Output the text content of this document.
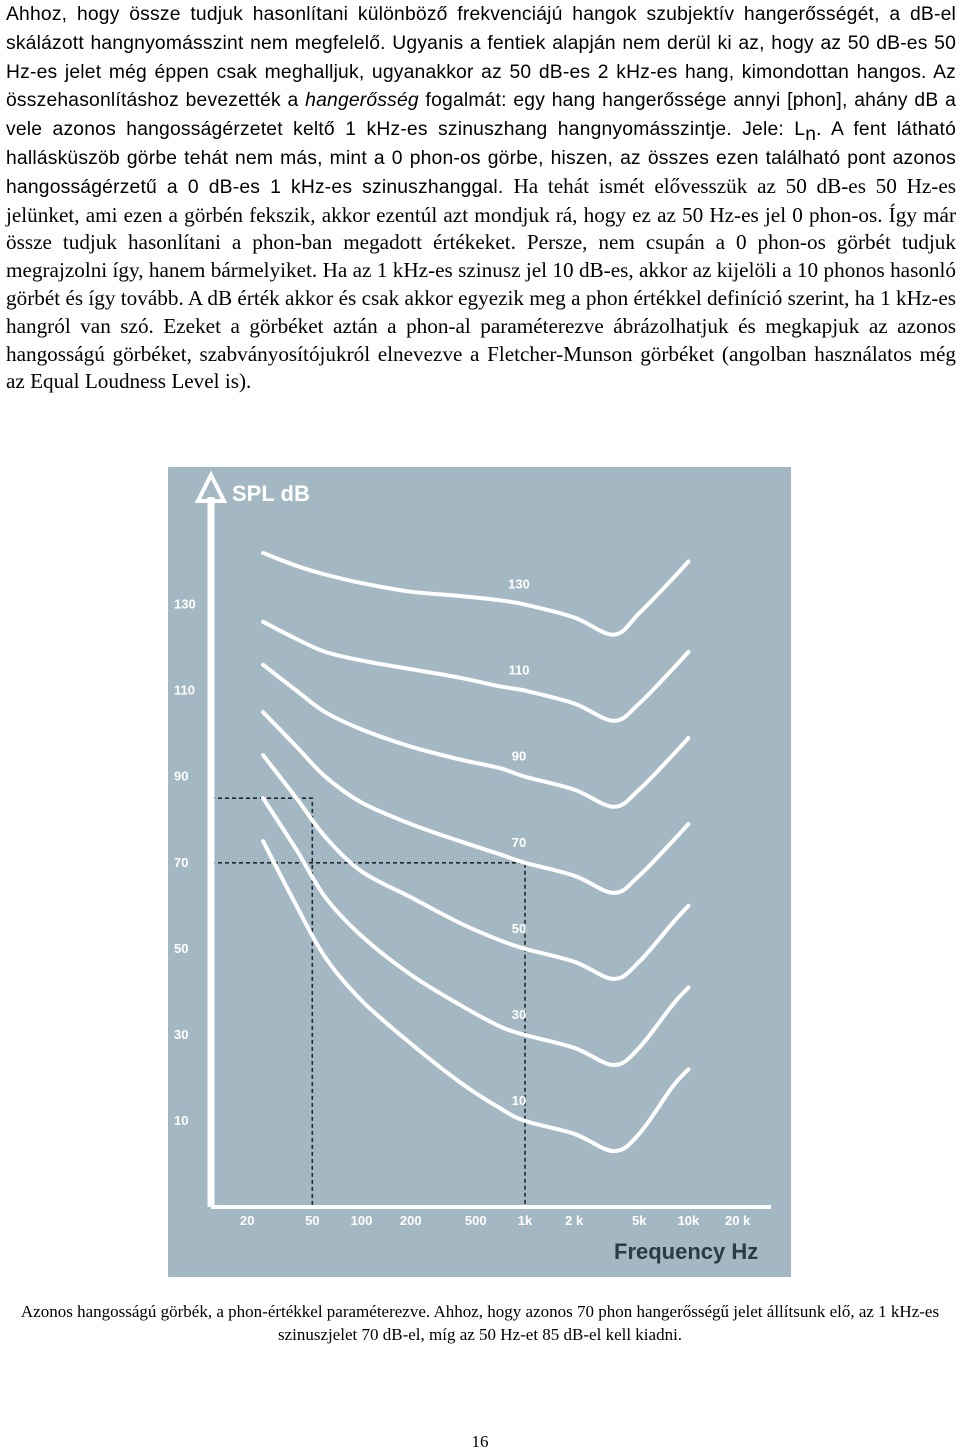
Ahhoz, hogy össze tudjuk hasonlítani különböző frekvenciájú hangok szubjektív hangerősségét, a dB-el skálázott hangnyomásszint nem megfelelő. Ugyanis a fentiek alapján nem derül ki az, hogy az 50 dB-es 50 Hz-es jelet még éppen csak meghalljuk, ugyanakkor az 50 dB-es 2 kHz-es hang, kimondottan hangos. Az összehasonlításhoz bevezették a hangerősség fogalmát: egy hang hangerőssége annyi [phon], ahány dB a vele azonos hangosságérzetet keltő 1 kHz-es szinuszhang hangnyomásszintje. Jele: $L_n$. A fent látható hallásküszöb görbe tehát nem más, mint a 0 phon-os görbe, hiszen, az összes ezen található pont azonos hangosságérzetű a 0 dB-es 1 kHz-es szinuszhanggal. Ha tehát ismét elővesszük az 50 dB-es 50 Hz-es jelünket, ami ezen a görbén fekszik, akkor ezentúl azt mondjuk rá, hogy ez az 50 Hz-es jel 0 phon-os. Így már össze tudjuk hasonlítani a phon-ban megadott értékeket. Persze, nem csupán a 0 phon-os görbét tudjuk megrajzolni így, hanem bármelyiket. Ha az 1 kHz-es szinusz jel 10 dB-es, akkor az kijelöli a 10 phonos hasonló görbét és így tovább. A dB érték akkor és csak akkor egyezik meg a phon értékkel definíció szerint, ha 1 kHz-es hangról van szó. Ezeket a görbéket aztán a phon-al paraméterezve ábrázolhatjuk és megkapjuk az azonos hangosságú görbéket, szabványosítójukról elnevezve a Fletcher-Munson görbéket (angolban használatos még az Equal Loudness Level is).

SPL dB
Frequency Hz
10
30
50
70
90
110
130
20	50 100 200	500 1k	2 k	5k 10k 20 k
10
30
50
70
90
110
130

Azonos hangosságú görbék, a phon-értékkel paraméterezve. Ahhoz, hogy azonos 70 phon hangerősségű jelet állítsunk elő, az 1 kHz-es szinuszjelet 70 dB-el, míg az 50 Hz-et 85 dB-el kell kiadni.

16
